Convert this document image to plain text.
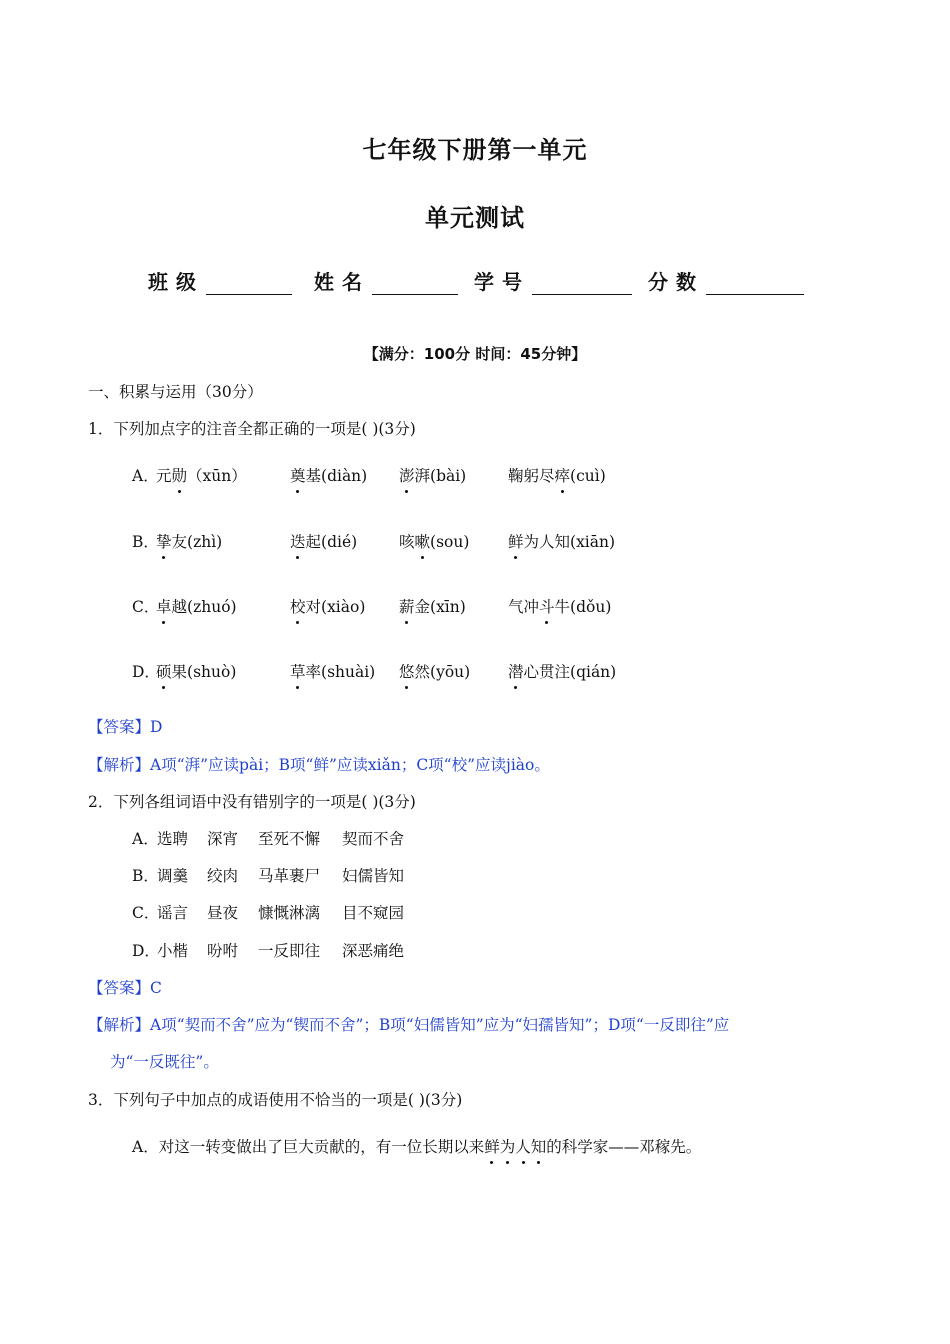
七年级下册第一单元
单元测试
班级	姓名	学号	分数
【满分：100分 时间：45分钟】
一、积累与运用（30分）
1．下列加点字的注音全都正确的一项是( )(3分)
A．
元勋（xūn）	奠基(diàn) 澎湃(bài)	鞠躬尽瘁(cuì)
B．
挚友(zhì)	迭起(dié)	咳嗽(sou) 鲜为人知(xiān)
C．
卓越(zhuó)	校对(xiào) 薪金(xīn)	气冲斗牛(dǒu)
D．
硕果(shuò)	草率(shuài) 悠然(yōu) 潜心贯注(qián)
【答案】D
【解析】A项“湃”应读pài；B项“鲜”应读xiǎn；C项“校”应读jiào。
2．下列各组词语中没有错别字的一项是( )(3分)
A．
选聘 深宵 至死不懈 契而不舍
B．
调羹 绞肉 马革裹尸 妇儒皆知
C．
谣言 昼夜 慷慨淋漓 目不窥园
D．
小楷 吩咐 一反即往 深恶痛绝
【答案】C
【解析】A项“契而不舍”应为“锲而不舍”；B项“妇儒皆知”应为“妇孺皆知”；D项“一反即往”应
为“一反既往”。
3．下列句子中加点的成语使用不恰当的一项是( )(3分)
A．对这一转变做出了巨大贡献的，有一位长期以来鲜为人知的科学家——邓稼先。
